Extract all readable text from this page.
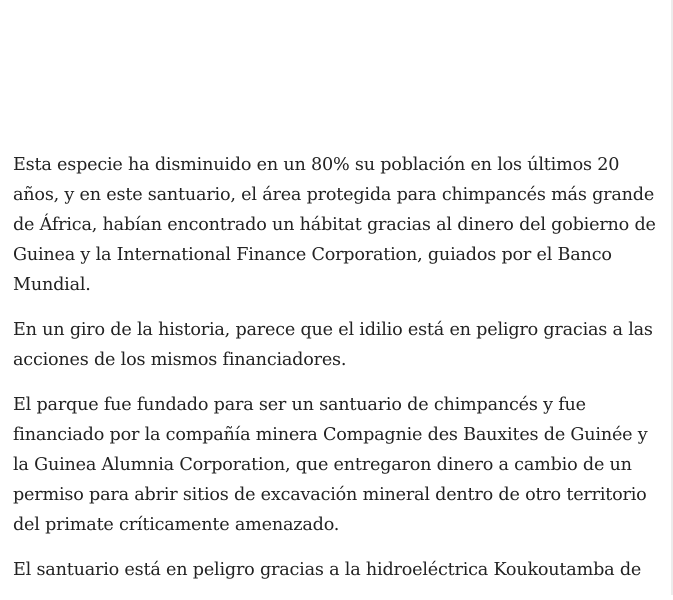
Esta especie ha disminuido en un 80% su población en los últimos 20 años, y en este santuario, el área protegida para chimpancés más grande de África, habían encontrado un hábitat gracias al dinero del gobierno de Guinea y la International Finance Corporation, guiados por el Banco Mundial.

En un giro de la historia, parece que el idilio está en peligro gracias a las acciones de los mismos financiadores.

El parque fue fundado para ser un santuario de chimpancés y fue financiado por la compañía minera Compagnie des Bauxites de Guinée y la Guinea Alumnia Corporation, que entregaron dinero a cambio de un permiso para abrir sitios de excavación mineral dentro de otro territorio del primate críticamente amenazado.

El santuario está en peligro gracias a la hidroeléctrica Koukoutamba de
